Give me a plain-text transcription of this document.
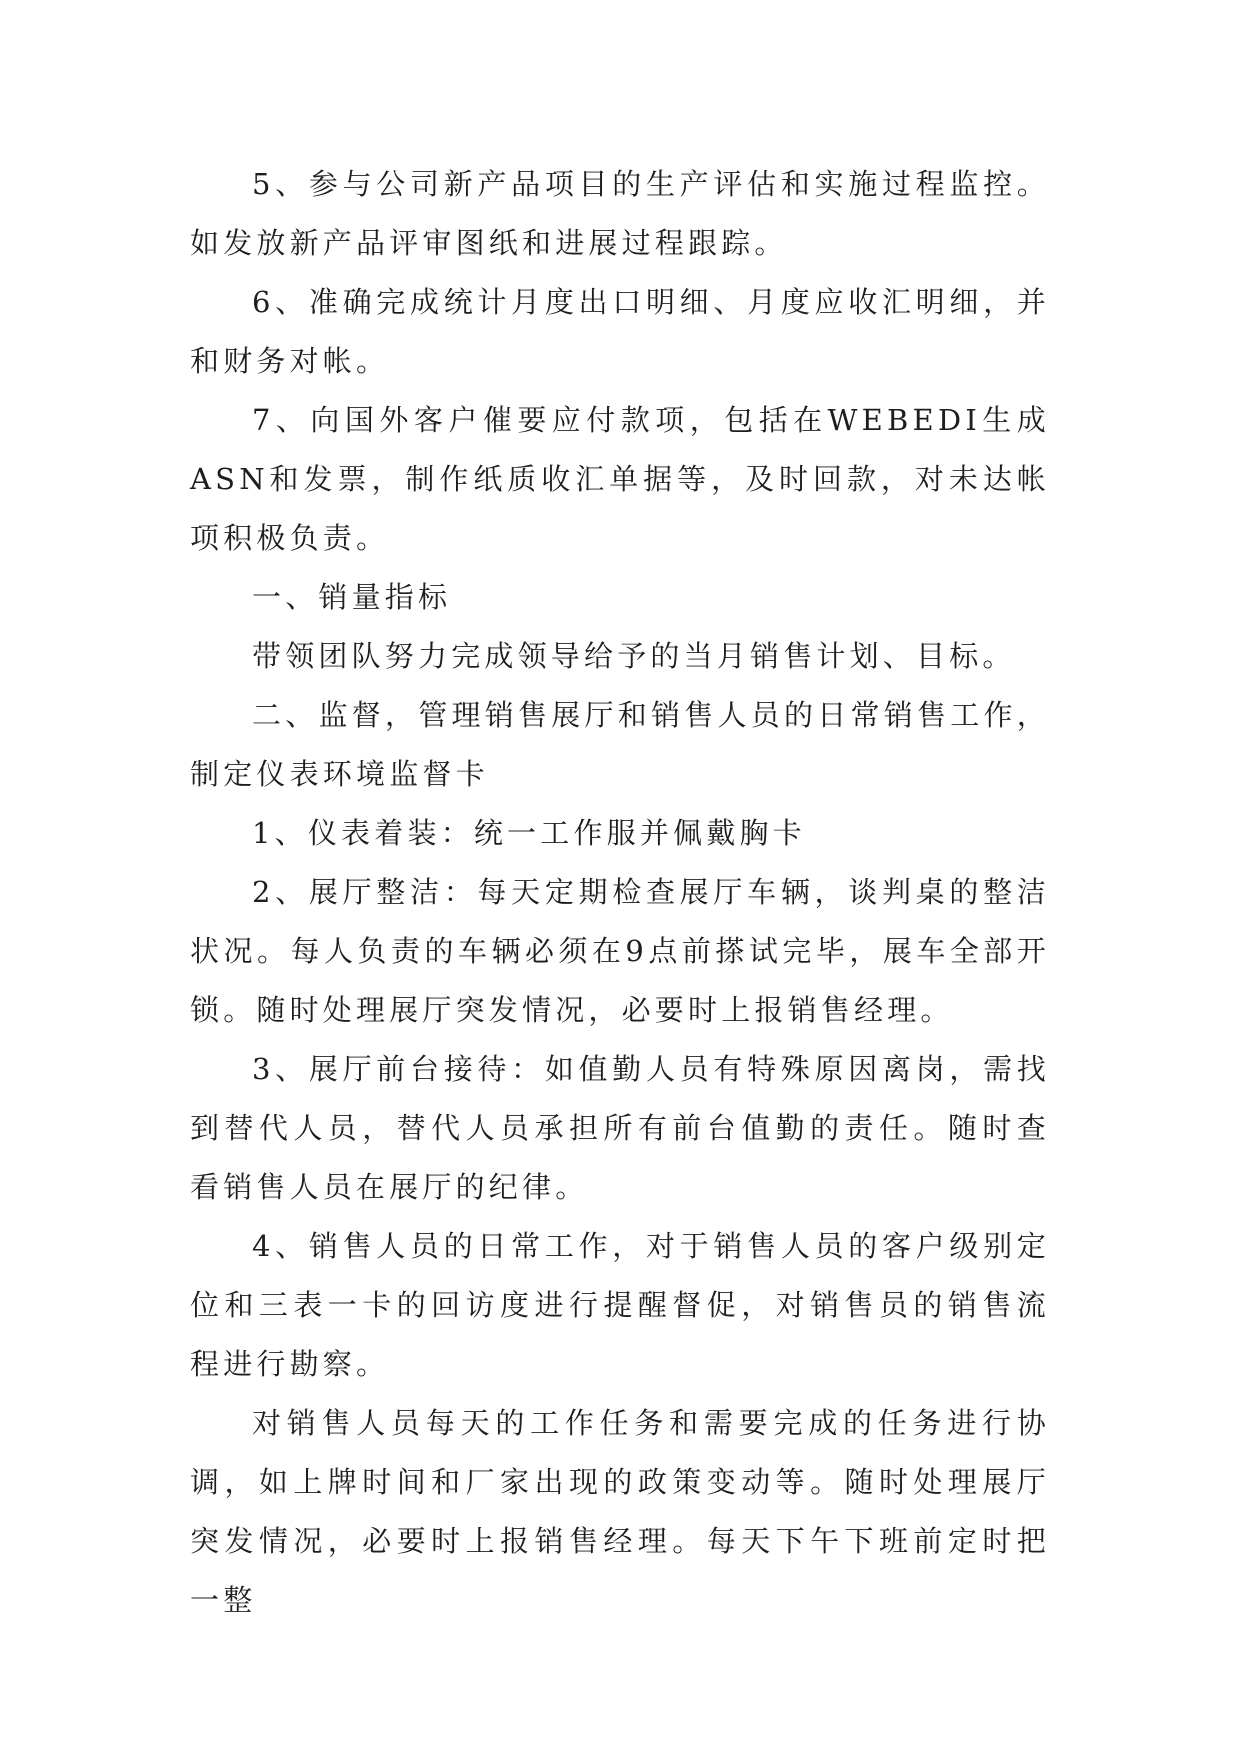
5、参与公司新产品项目的生产评估和实施过程监控。如发放新产品评审图纸和进展过程跟踪。

6、准确完成统计月度出口明细、月度应收汇明细，并和财务对帐。

7、向国外客户催要应付款项，包括在WEBEDI生成ASN和发票，制作纸质收汇单据等，及时回款，对未达帐项积极负责。

一、销量指标

带领团队努力完成领导给予的当月销售计划、目标。

二、监督，管理销售展厅和销售人员的日常销售工作，制定仪表环境监督卡

1、仪表着装：统一工作服并佩戴胸卡

2、展厅整洁：每天定期检查展厅车辆，谈判桌的整洁状况。每人负责的车辆必须在9点前搽试完毕，展车全部开锁。随时处理展厅突发情况，必要时上报销售经理。

3、展厅前台接待：如值勤人员有特殊原因离岗，需找到替代人员，替代人员承担所有前台值勤的责任。随时查看销售人员在展厅的纪律。

4、销售人员的日常工作，对于销售人员的客户级别定位和三表一卡的回访度进行提醒督促，对销售员的销售流程进行勘察。

对销售人员每天的工作任务和需要完成的任务进行协调，如上牌时间和厂家出现的政策变动等。随时处理展厅突发情况，必要时上报销售经理。每天下午下班前定时把一整
